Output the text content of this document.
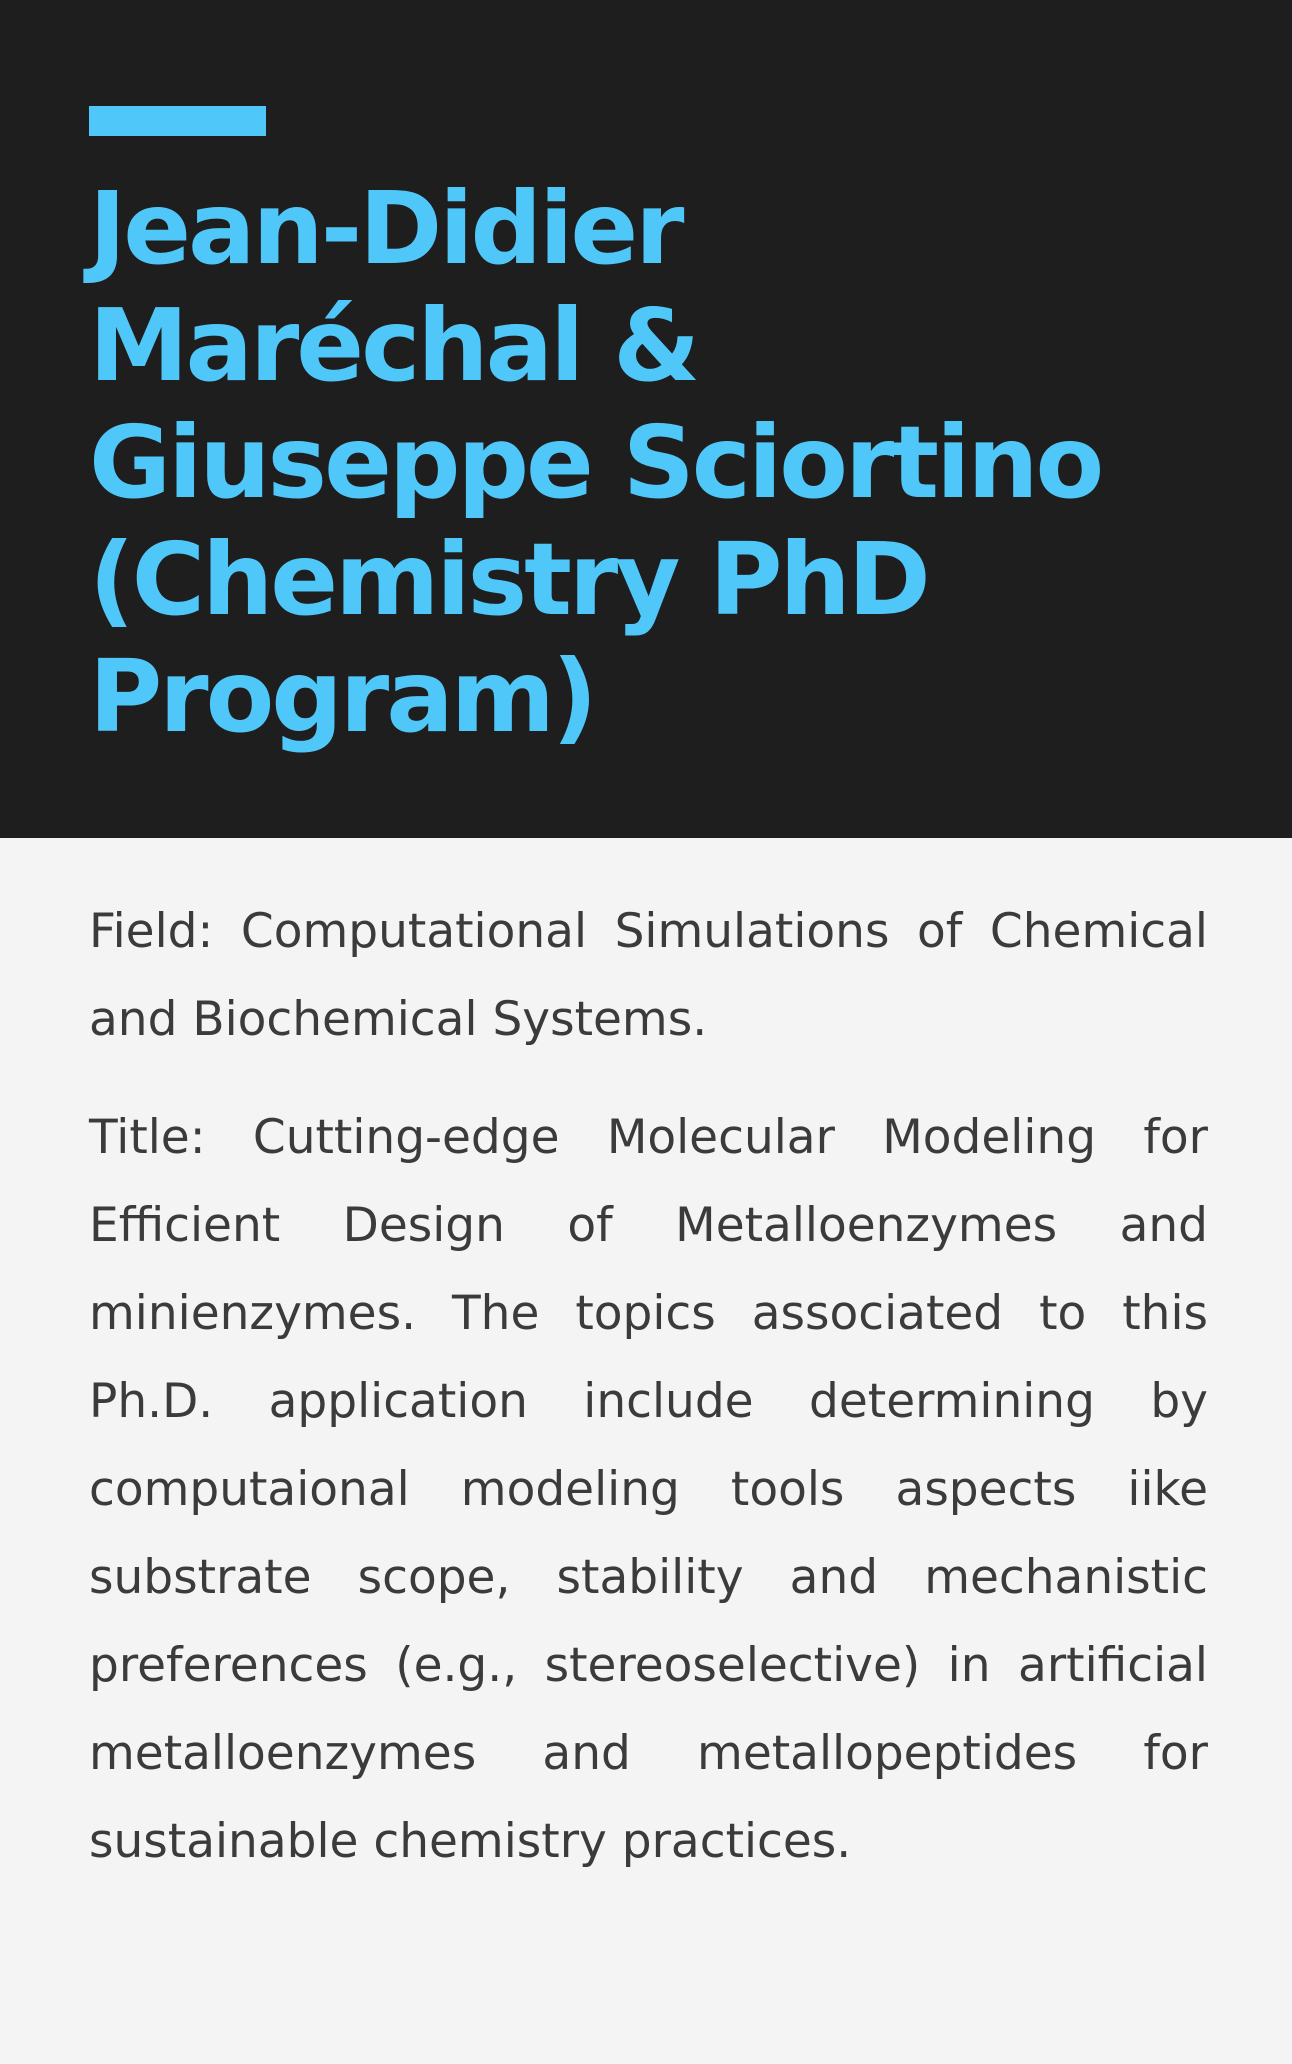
Jean-Didier
Maréchal &
Giuseppe Sciortino
(Chemistry PhD
Program)

Field: Computational Simulations of Chemical and Biochemical Systems.

Title: Cutting-edge Molecular Modeling for Efficient Design of Metalloenzymes and minienzymes. The topics associated to this Ph.D. application include determining by computaional modeling tools aspects iike substrate scope, stability and mechanistic preferences (e.g., stereoselective) in artificial metalloenzymes and metallopeptides for sustainable chemistry practices.
